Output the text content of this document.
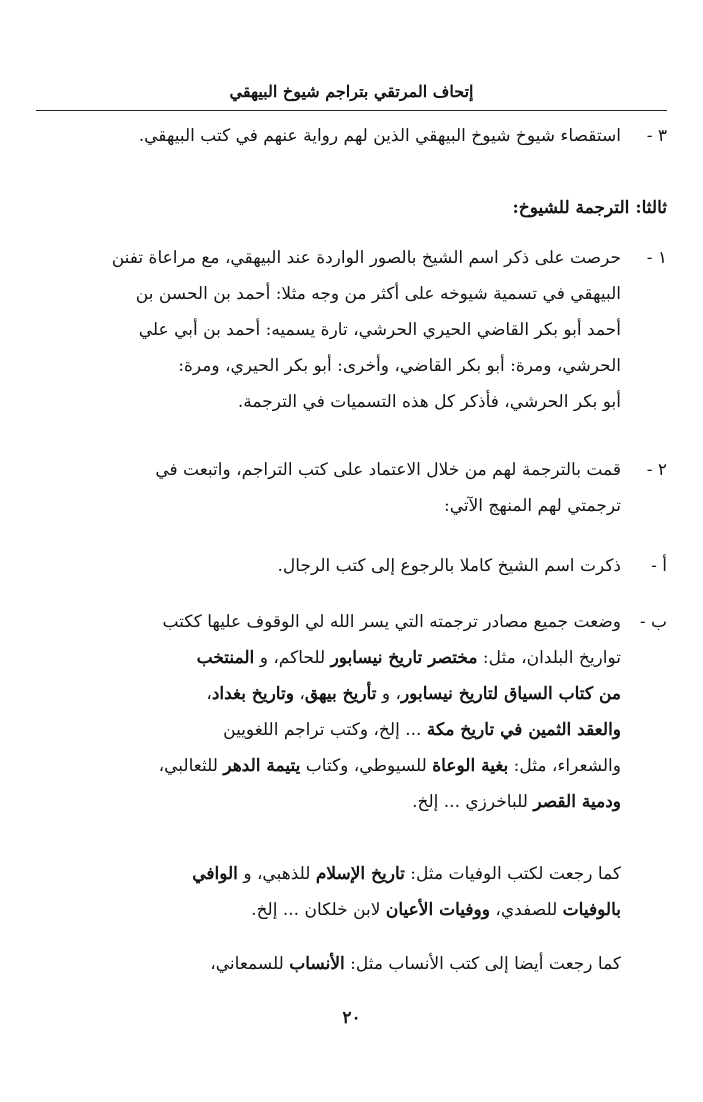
إتحاف المرتقي بتراجم شيوخ البيهقي
٣ -
استقصاء شيوخ شيوخ البيهقي الذين لهم رواية عنهم في كتب البيهقي.
ثالثا: الترجمة للشيوخ:
١ -
حرصت على ذكر اسم الشيخ بالصور الواردة عند البيهقي، مع مراعاة تفنن
البيهقي في تسمية شيوخه على أكثر من وجه مثلا: أحمد بن الحسن بن
أحمد أبو بكر القاضي الحيري الحرشي، تارة يسميه: أحمد بن أبي علي
الحرشي، ومرة: أبو بكر القاضي، وأخرى: أبو بكر الحيري، ومرة:
أبو بكر الحرشي، فأذكر كل هذه التسميات في الترجمة.
٢ -
قمت بالترجمة لهم من خلال الاعتماد على كتب التراجم، واتبعت في
ترجمتي لهم المنهج الآتي:
أ -
ذكرت اسم الشيخ كاملا بالرجوع إلى كتب الرجال.
ب -
وضعت جميع مصادر ترجمته التي يسر الله لي الوقوف عليها ككتب
تواريخ البلدان، مثل: مختصر تاريخ نيسابور للحاكم، و المنتخب
من كتاب السياق لتاريخ نيسابور، و تأريخ بيهق، وتاريخ بغداد،
والعقد الثمين في تاريخ مكة ... إلخ، وكتب تراجم اللغويين
والشعراء، مثل: بغية الوعاة للسيوطي، وكتاب يتيمة الدهر للثعالبي،
ودمية القصر للباخرزي ... إلخ.
كما رجعت لكتب الوفيات مثل: تاريخ الإسلام للذهبي، و الوافي
بالوفيات للصفدي، ووفيات الأعيان لابن خلكان ... إلخ.
كما رجعت أيضا إلى كتب الأنساب مثل: الأنساب للسمعاني،
٢٠
